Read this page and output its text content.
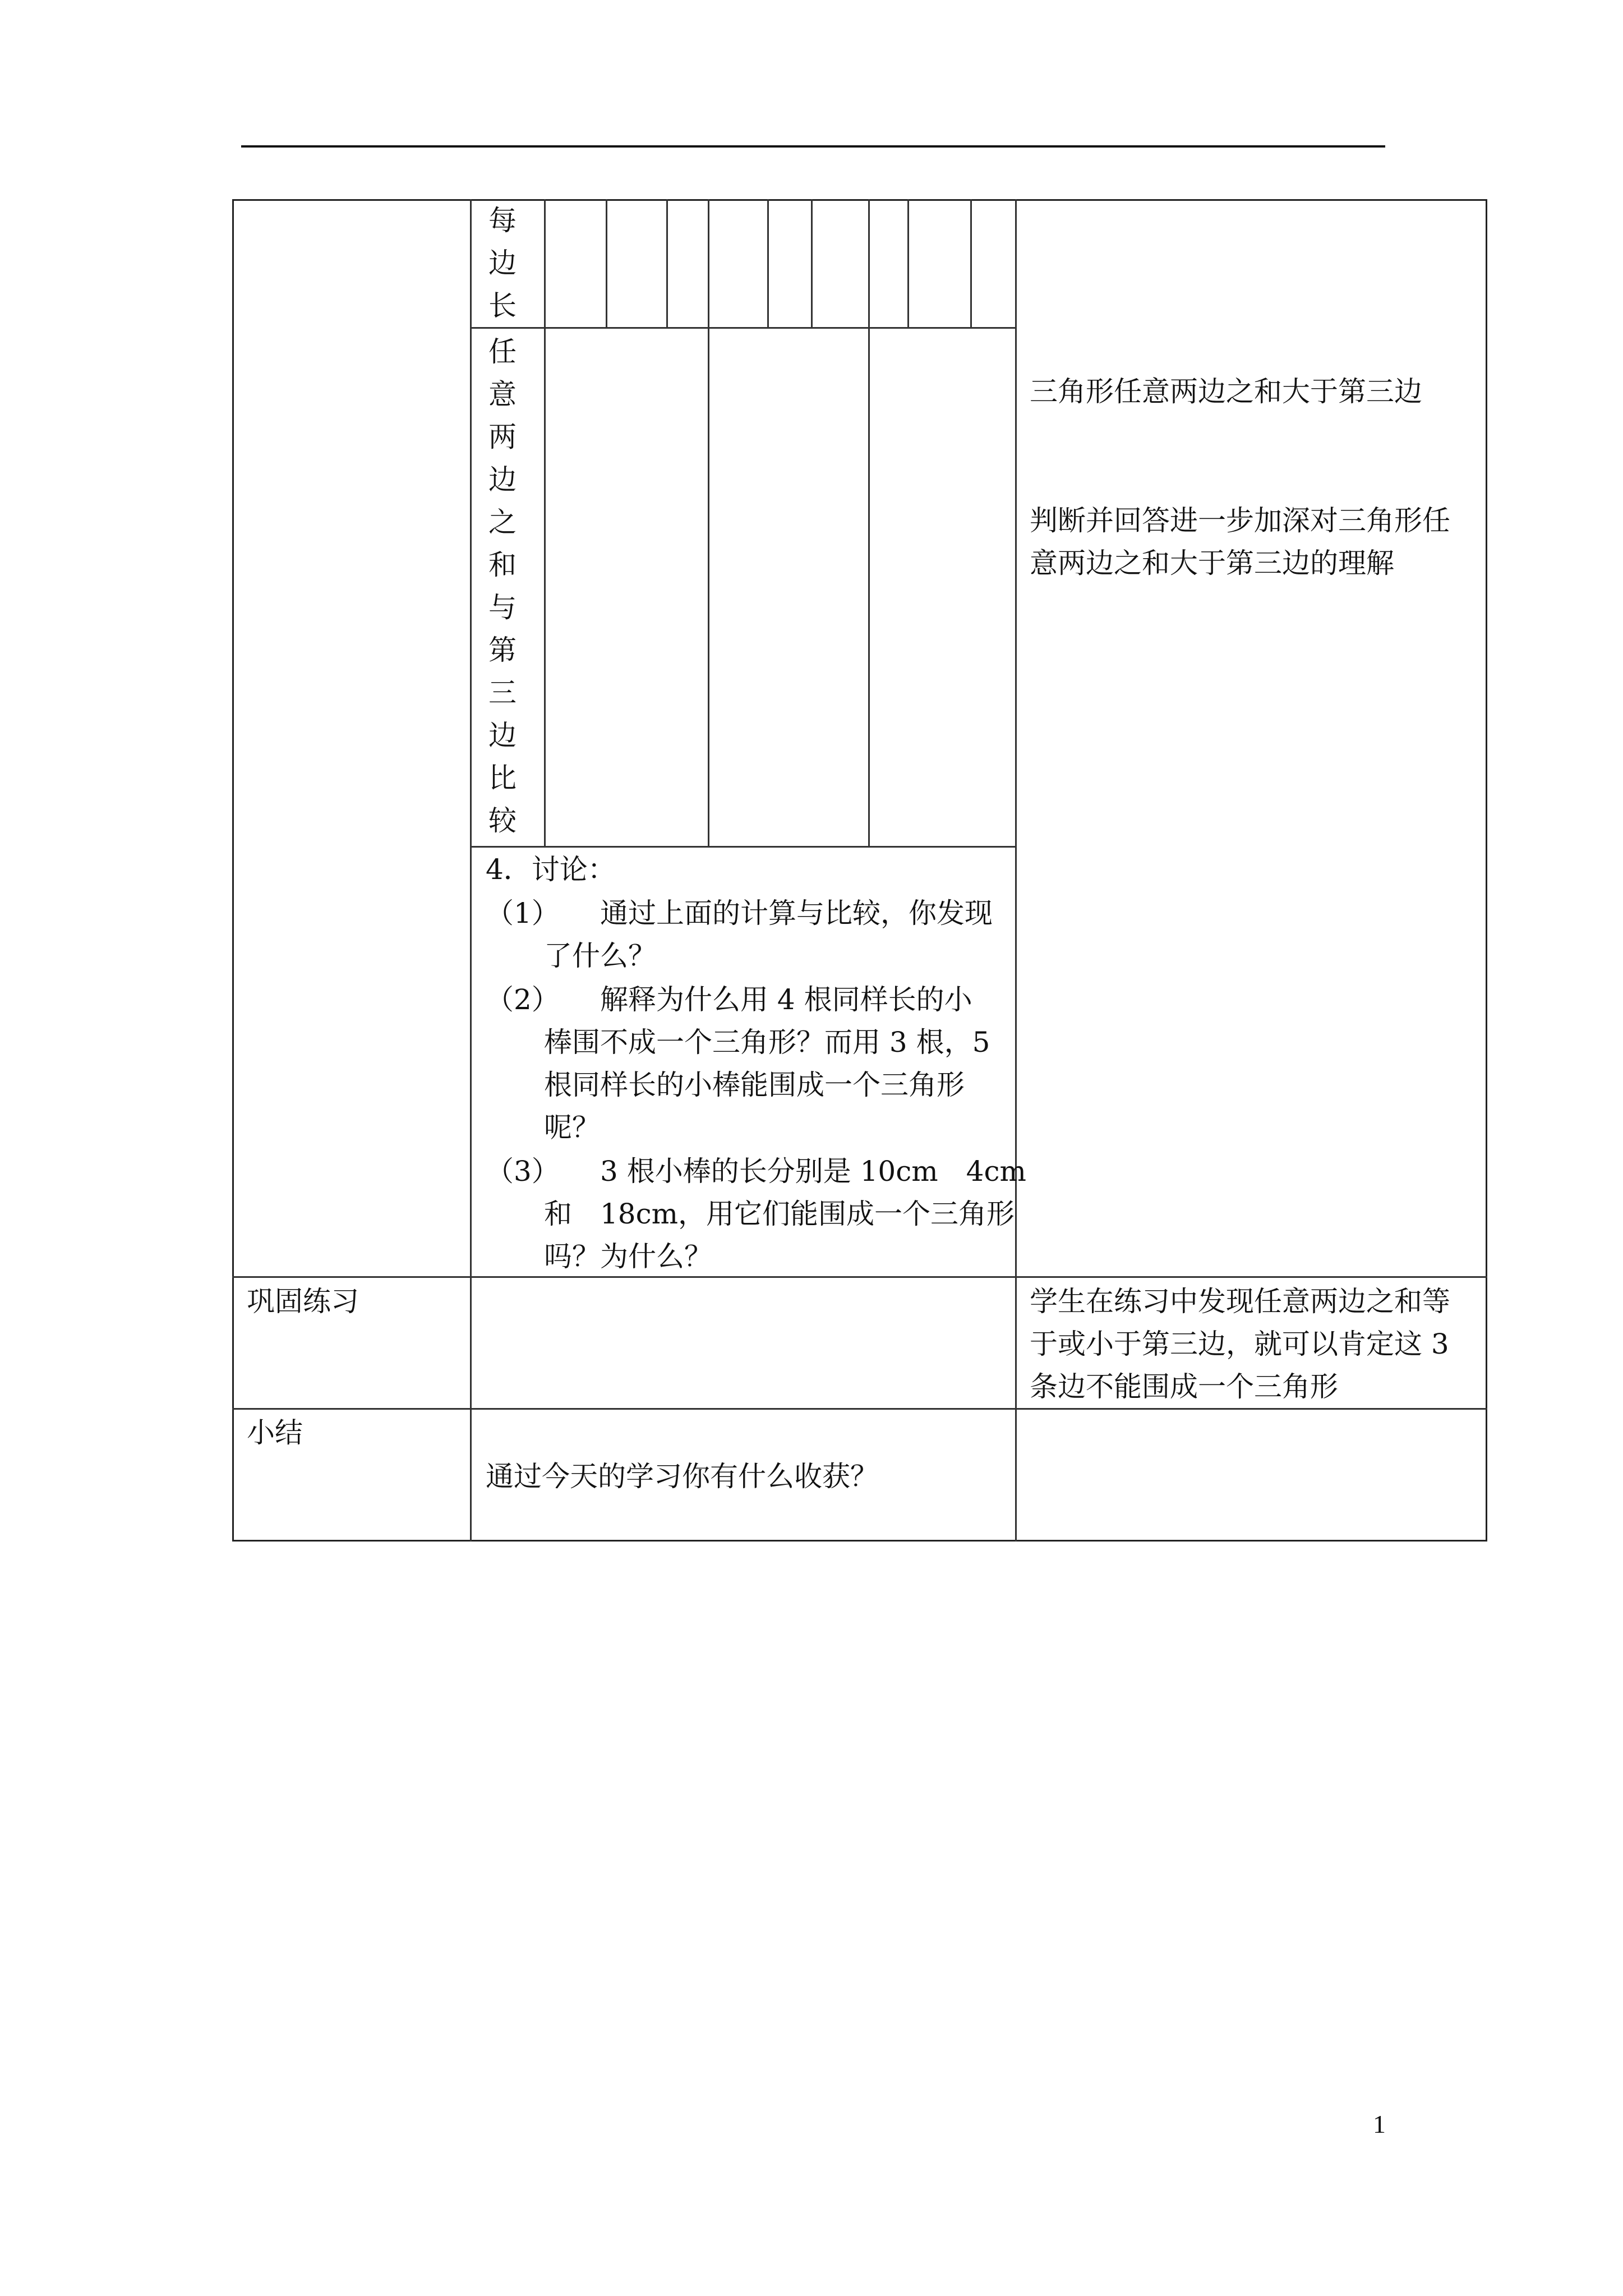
每
边
长
任
意
两
边
之
和
与
第
三
边
比
较
三角形任意两边之和大于第三边
判断并回答进一步加深对三角形任
意两边之和大于第三边的理解
4．讨论：
（1） 通过上面的计算与比较，你发现
了什么？
（2） 解释为什么用 4 根同样长的小
棒围不成一个三角形？而用 3 根，5
根同样长的小棒能围成一个三角形
呢？
（3） 3 根小棒的长分别是 10cm　4cm
和　18cm，用它们能围成一个三角形
吗？为什么？
巩固练习	学生在练习中发现任意两边之和等
于或小于第三边，就可以肯定这 3
条边不能围成一个三角形
小结
通过今天的学习你有什么收获？
1
